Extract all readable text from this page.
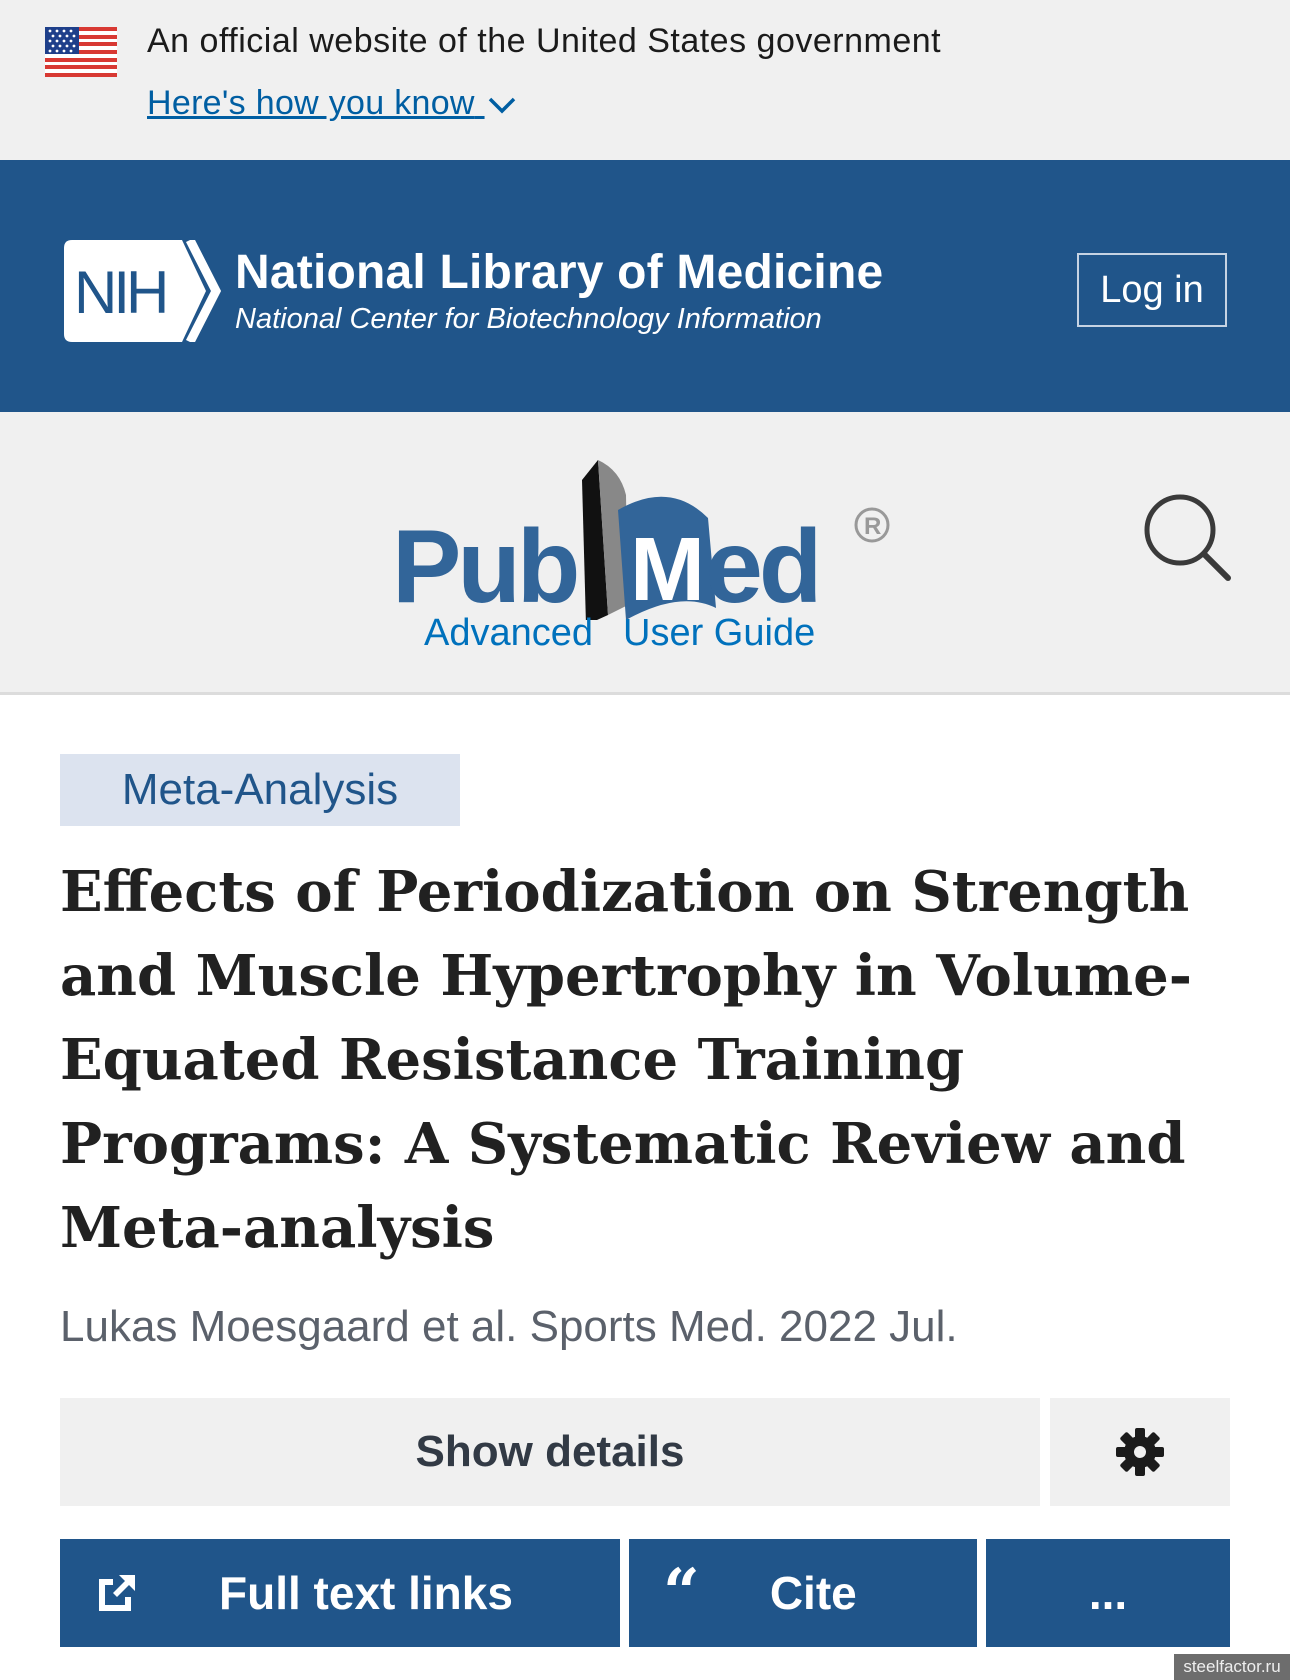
An official website of the United States government
Here's how you know
NIH National Library of Medicine
National Center for Biotechnology Information
Log in
Pub M ed R
Advanced User Guide
Meta-Analysis
Effects of Periodization on Strength and Muscle Hypertrophy in Volume-Equated Resistance Training Programs: A Systematic Review and Meta-analysis
Lukas Moesgaard et al. Sports Med. 2022 Jul.
Show details
Full text links “ Cite	...
steelfactor.ru
